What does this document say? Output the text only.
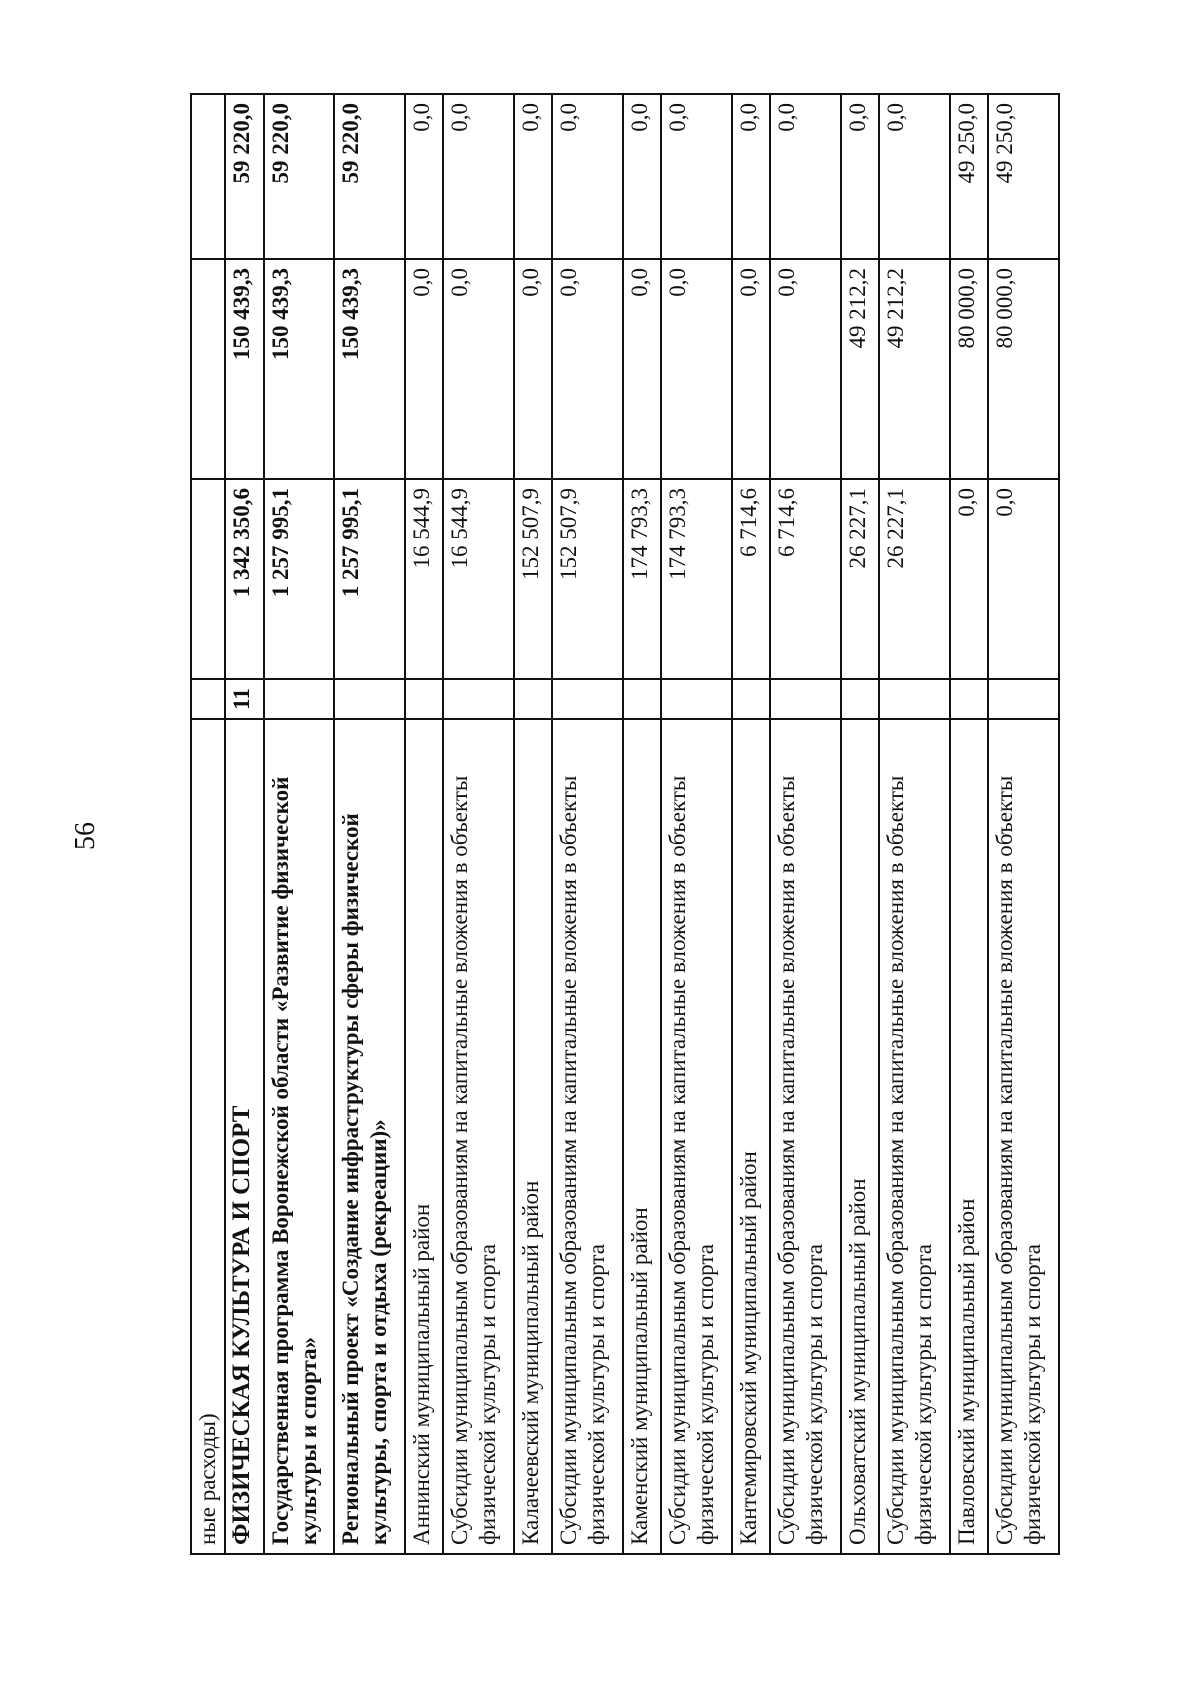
56
ные расходы)				
ФИЗИЧЕСКАЯ КУЛЬТУРА И СПОРТ	11	1 342 350,6	150 439,3	59 220,0
Государственная программа Воронежской области «Развитие физической культуры и спорта»		1 257 995,1	150 439,3	59 220,0
Региональный проект «Создание инфраструктуры сферы физической культуры, спорта и отдыха (рекреации)»		1 257 995,1	150 439,3	59 220,0
Аннинский муниципальный район		16 544,9	0,0	0,0
Субсидии муниципальным образованиям на капитальные вложения в объекты физической культуры и спорта		16 544,9	0,0	0,0
Калачеевский муниципальный район		152 507,9	0,0	0,0
Субсидии муниципальным образованиям на капитальные вложения в объекты физической культуры и спорта		152 507,9	0,0	0,0
Каменский муниципальный район		174 793,3	0,0	0,0
Субсидии муниципальным образованиям на капитальные вложения в объекты физической культуры и спорта		174 793,3	0,0	0,0
Кантемировский муниципальный район		6 714,6	0,0	0,0
Субсидии муниципальным образованиям на капитальные вложения в объекты физической культуры и спорта		6 714,6	0,0	0,0
Ольховатский муниципальный район		26 227,1	49 212,2	0,0
Субсидии муниципальным образованиям на капитальные вложения в объекты физической культуры и спорта		26 227,1	49 212,2	0,0
Павловский муниципальный район		0,0	80 000,0	49 250,0
Субсидии муниципальным образованиям на капитальные вложения в объекты физической культуры и спорта		0,0	80 000,0	49 250,0
